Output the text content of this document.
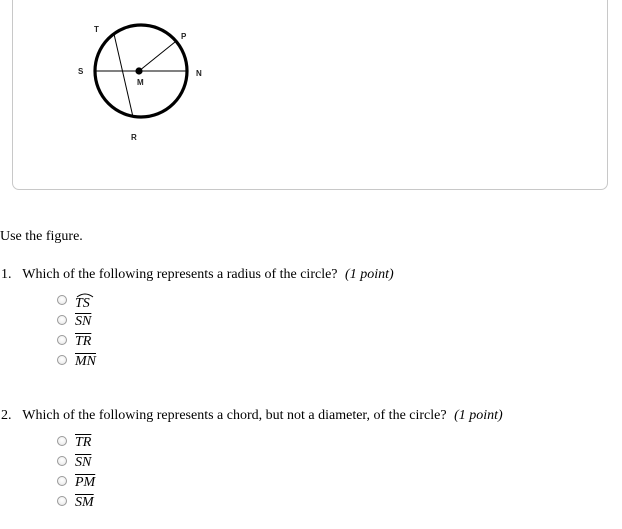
T
P
S
M
N
R
Use the figure.
1. Which of the following represents a radius of the circle? (1 point)
TS
$\overline{SN}$
$\overline{TR}$
$\overline{MN}$
2. Which of the following represents a chord, but not a diameter, of the circle? (1 point)
$\overline{TR}$
$\overline{SN}$
$\overline{PM}$
$\overline{SM}$
